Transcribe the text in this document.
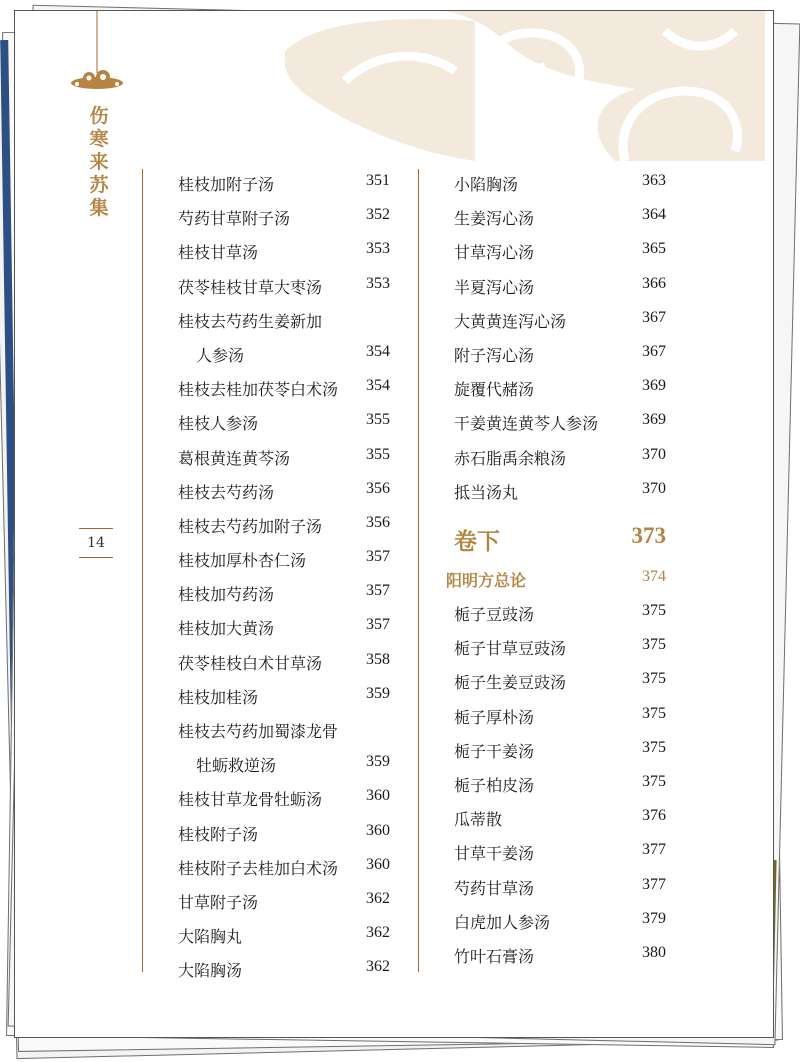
伤寒来苏集
14
桂枝加附子汤	351
芍药甘草附子汤	352
桂枝甘草汤	353
茯苓桂枝甘草大枣汤	353
桂枝去芍药生姜新加
人参汤	354
桂枝去桂加茯苓白术汤 354
桂枝人参汤	355
葛根黄连黄芩汤	355
桂枝去芍药汤	356
桂枝去芍药加附子汤	356
桂枝加厚朴杏仁汤	357
桂枝加芍药汤	357
桂枝加大黄汤	357
茯苓桂枝白术甘草汤	358
桂枝加桂汤	359
桂枝去芍药加蜀漆龙骨
牡蛎救逆汤	359
桂枝甘草龙骨牡蛎汤	360
桂枝附子汤	360
桂枝附子去桂加白术汤 360
甘草附子汤	362
大陷胸丸	362
大陷胸汤	362
小陷胸汤	363
生姜泻心汤	364
甘草泻心汤	365
半夏泻心汤	366
大黄黄连泻心汤	367
附子泻心汤	367
旋覆代赭汤	369
干姜黄连黄芩人参汤	369
赤石脂禹余粮汤	370
抵当汤丸	370
卷下	373
阳明方总论	374
栀子豆豉汤	375
栀子甘草豆豉汤	375
栀子生姜豆豉汤	375
栀子厚朴汤	375
栀子干姜汤	375
栀子柏皮汤	375
瓜蒂散	376
甘草干姜汤	377
芍药甘草汤	377
白虎加人参汤	379
竹叶石膏汤	380
